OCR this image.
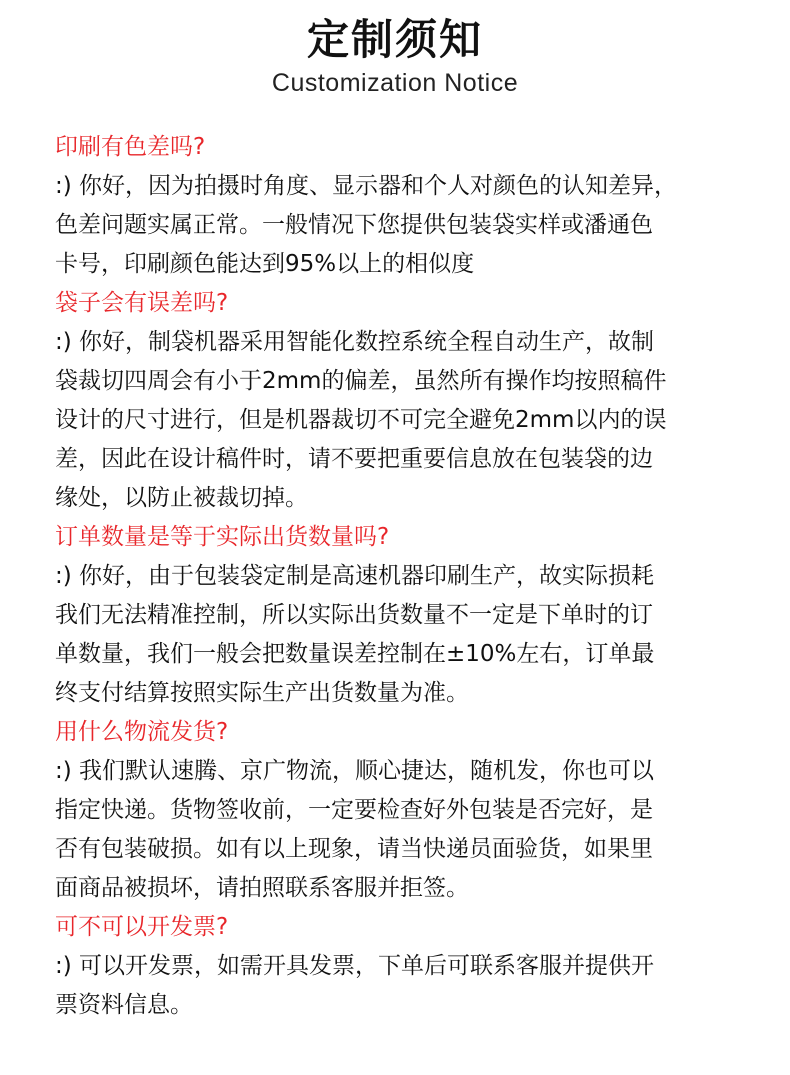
定制须知
Customization Notice

印刷有色差吗?

:) 你好，因为拍摄时角度、显示器和个人对颜色的认知差异，
色差问题实属正常。一般情况下您提供包装袋实样或潘通色
卡号，印刷颜色能达到95%以上的相似度

袋子会有误差吗?

:) 你好，制袋机器采用智能化数控系统全程自动生产，故制
袋裁切四周会有小于2mm的偏差，虽然所有操作均按照稿件
设计的尺寸进行，但是机器裁切不可完全避免2mm以内的误
差，因此在设计稿件时，请不要把重要信息放在包装袋的边
缘处，以防止被裁切掉。

订单数量是等于实际出货数量吗?

:) 你好，由于包装袋定制是高速机器印刷生产，故实际损耗
我们无法精准控制，所以实际出货数量不一定是下单时的订
单数量，我们一般会把数量误差控制在±10%左右，订单最
终支付结算按照实际生产出货数量为准。

用什么物流发货?

:) 我们默认速腾、京广物流，顺心捷达，随机发，你也可以
指定快递。货物签收前，一定要检查好外包装是否完好，是
否有包装破损。如有以上现象，请当快递员面验货，如果里
面商品被损坏，请拍照联系客服并拒签。

可不可以开发票?

:) 可以开发票，如需开具发票，下单后可联系客服并提供开
票资料信息。
